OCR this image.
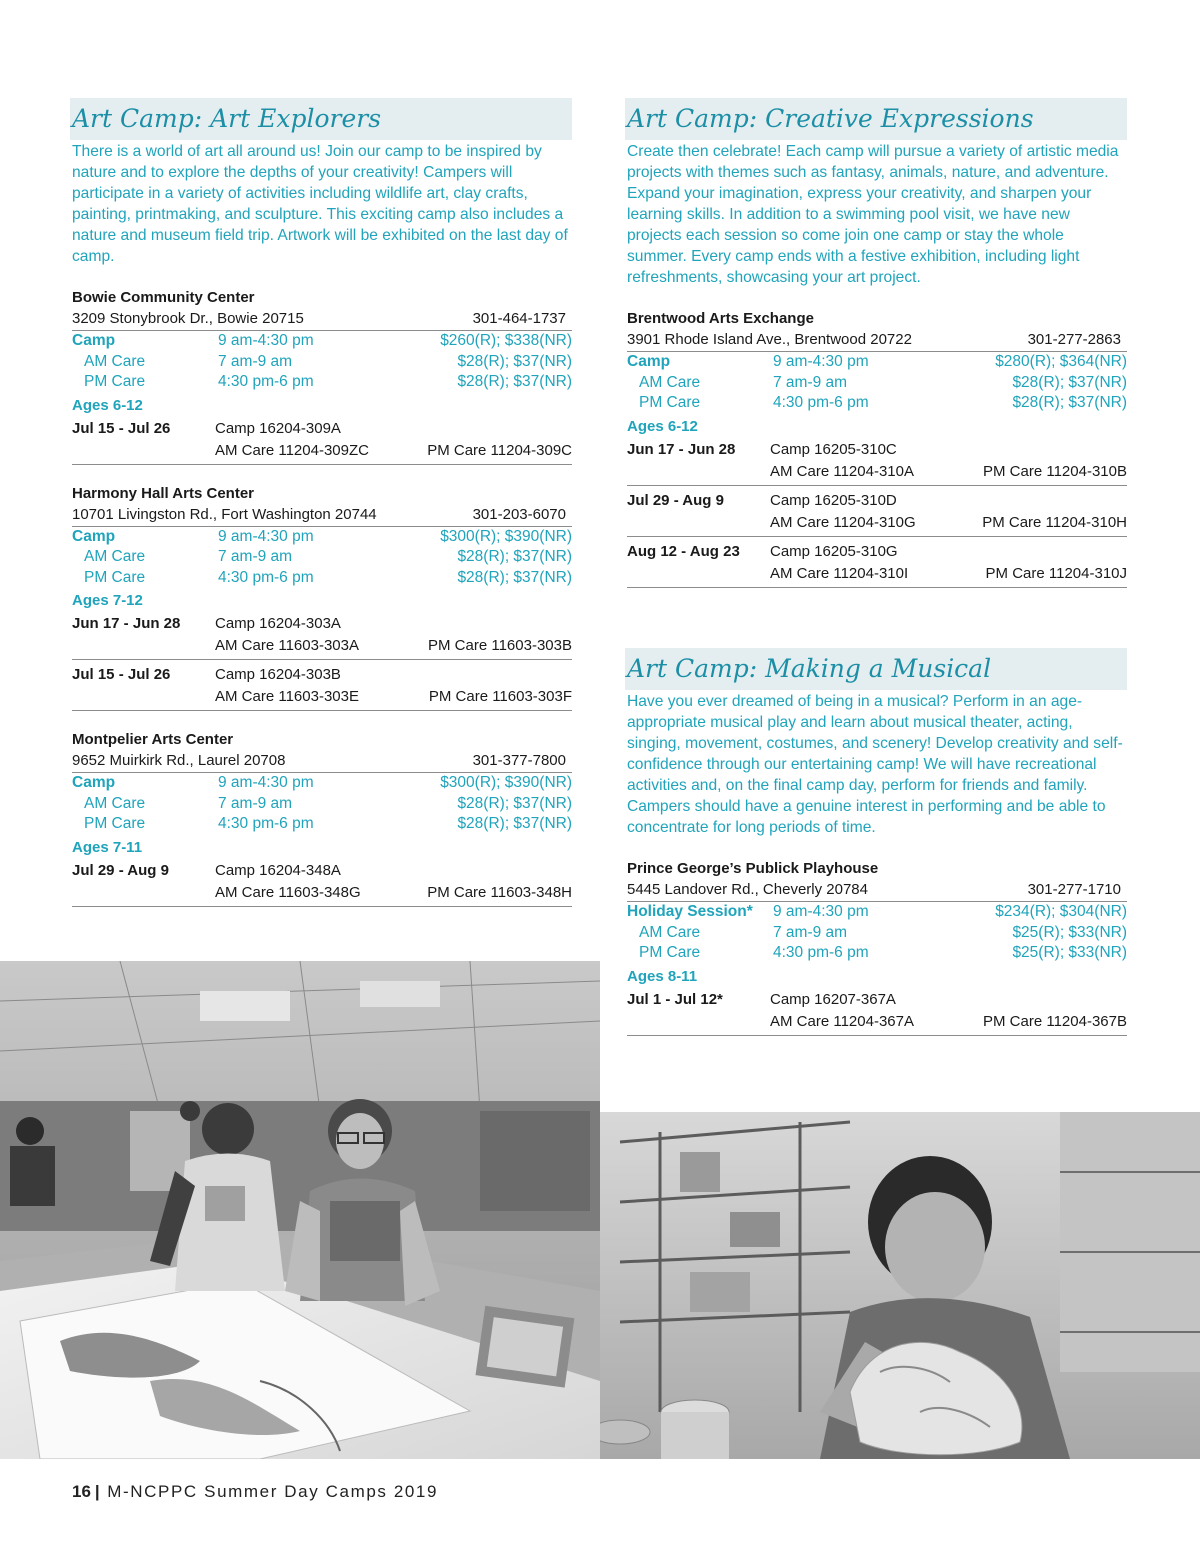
Art Camp: Art Explorers

There is a world of art all around us! Join our camp to be inspired by nature and to explore the depths of your creativity! Campers will participate in a variety of activities including wildlife art, clay crafts, painting, printmaking, and sculpture. This exciting camp also includes a nature and museum field trip. Artwork will be exhibited on the last day of camp.

Bowie Community Center
3209 Stonybrook Dr., Bowie 20715	301-464-1737
Camp	9 am-4:30 pm	$260(R); $338(NR)
AM Care	7 am-9 am	$28(R); $37(NR)
PM Care	4:30 pm-6 pm	$28(R); $37(NR)
Ages 6-12
Jul 15 - Jul 26	Camp 16204-309A
AM Care 11204-309ZC	PM Care 11204-309C
Harmony Hall Arts Center
10701 Livingston Rd., Fort Washington 20744	301-203-6070
Camp	9 am-4:30 pm	$300(R); $390(NR)
AM Care	7 am-9 am	$28(R); $37(NR)
PM Care	4:30 pm-6 pm	$28(R); $37(NR)
Ages 7-12
Jun 17 - Jun 28	Camp 16204-303A
AM Care 11603-303A	PM Care 11603-303B
Jul 15 - Jul 26	Camp 16204-303B
AM Care 11603-303E	PM Care 11603-303F
Montpelier Arts Center
9652 Muirkirk Rd., Laurel 20708	301-377-7800
Camp	9 am-4:30 pm	$300(R); $390(NR)
AM Care	7 am-9 am	$28(R); $37(NR)
PM Care	4:30 pm-6 pm	$28(R); $37(NR)
Ages 7-11
Jul 29 - Aug 9	Camp 16204-348A
AM Care 11603-348G	PM Care 11603-348H
Art Camp: Creative Expressions

Create then celebrate! Each camp will pursue a variety of artistic media projects with themes such as fantasy, animals, nature, and adventure. Expand your imagination, express your creativity, and sharpen your learning skills. In addition to a swimming pool visit, we have new projects each session so come join one camp or stay the whole summer. Every camp ends with a festive exhibition, including light refreshments, showcasing your art project.

Brentwood Arts Exchange
3901 Rhode Island Ave., Brentwood 20722	301-277-2863
Camp	9 am-4:30 pm	$280(R); $364(NR)
AM Care	7 am-9 am	$28(R); $37(NR)
PM Care	4:30 pm-6 pm	$28(R); $37(NR)
Ages 6-12
Jun 17 - Jun 28	Camp 16205-310C
AM Care 11204-310A	PM Care 11204-310B
Jul 29 - Aug 9	Camp 16205-310D
AM Care 11204-310G	PM Care 11204-310H
Aug 12 - Aug 23	Camp 16205-310G
AM Care 11204-310I	PM Care 11204-310J
Art Camp: Making a Musical

Have you ever dreamed of being in a musical? Perform in an age-appropriate musical play and learn about musical theater, acting, singing, movement, costumes, and scenery! Develop creativity and self-confidence through our entertaining camp! We will have recreational activities and, on the final camp day, perform for friends and family. Campers should have a genuine interest in performing and be able to concentrate for long periods of time.

Prince George’s Publick Playhouse
5445 Landover Rd., Cheverly 20784	301-277-1710
Holiday Session*	9 am-4:30 pm	$234(R); $304(NR)
AM Care	7 am-9 am	$25(R); $33(NR)
PM Care	4:30 pm-6 pm	$25(R); $33(NR)
Ages 8-11
Jul 1 - Jul 12*	Camp 16207-367A
AM Care 11204-367A	PM Care 11204-367B
16 | M-NCPPC Summer Day Camps 2019
